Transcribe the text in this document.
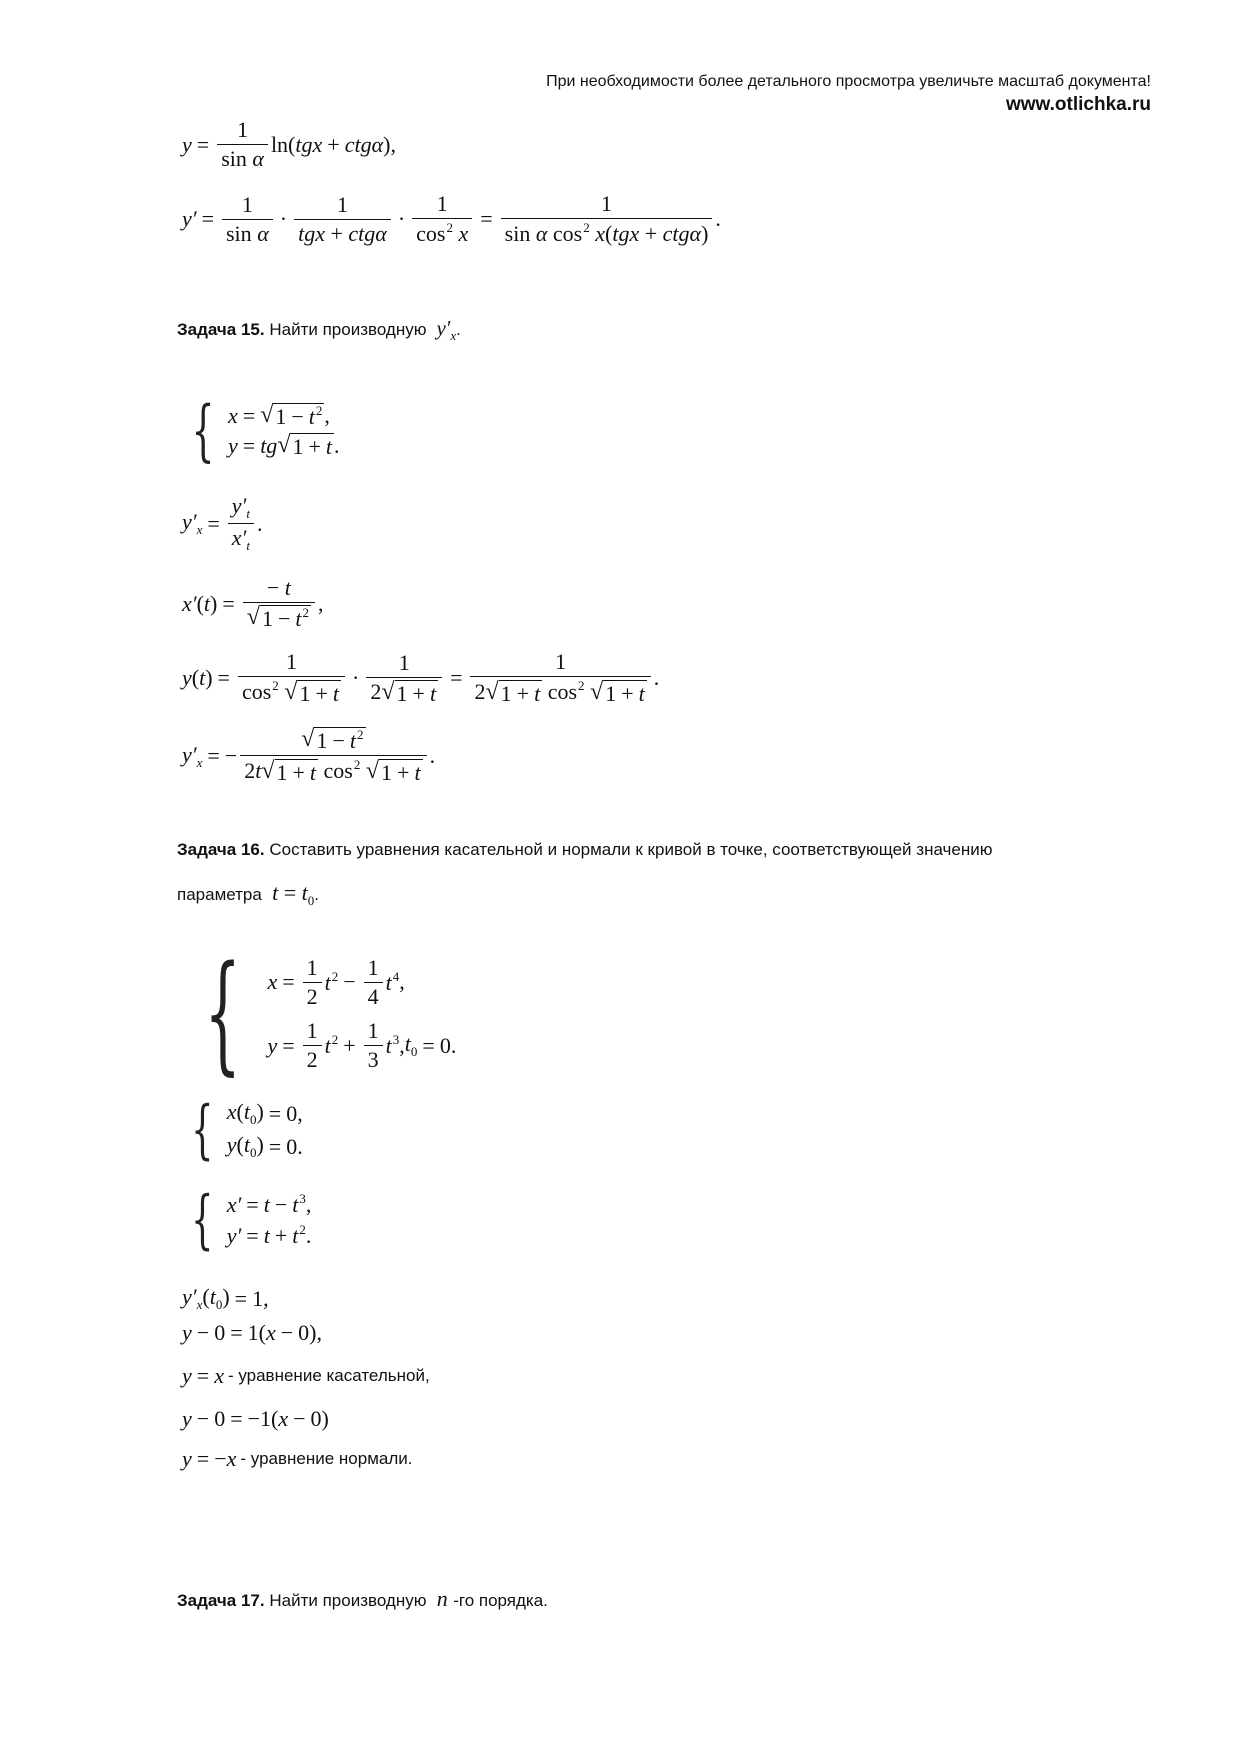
При необходимости более детального просмотра увеличьте масштаб документа!
www.otlichka.ru
$y = \frac{1}{\text{sin α}} \ln$( tgx + ctgα ),
$y' = \frac{1}{\text{sin α}} \cdot \frac{1}{\text{tgx + ctgα}} \cdot \frac{1}{\cos^2 x} = \frac{1}{\sin \alpha \cos^2 x(tgx + ctg\alpha)}$ .
Задача 15. Найти производную  $y'_x$.
{ x = √ $1 - t^2$ ,
y = tg √ 1 + t .
$y'_x = \frac{y'_t}{x'_t}$ .
$x'(t) = \frac{- t}{√ 1 - t^2}$ ,
$y(t) = \frac{1}{\cos^2 √ 1 + t} \cdot \frac{1}{2 √ 1 + t} = \frac{1}{2 √ 1 + t \cos^2 √ 1 + t}$ .
$y'_x$ = − $\frac{√ 1 - t^2}{2t √ 1 + t \cos^2 √ 1 + t}$ .
Задача 16. Составить уравнения касательной и нормали к кривой в точке, соответствующей значению
параметра  $t = t_0$.
{ $x = \frac{1}{2} t^2 - \frac{1}{4} t^4$ ,
$y = \frac{1}{2} t^2 + \frac{1}{3} t^3$ , $t_0 = 0$.
{ $x(t_0) = 0$,
$y(t_0) = 0$.
{ $x' = t - t^3$ ,
$y' = t + t^2$ .
$y'_x(t_0) = 1$,
y − 0 = 1( x − 0),
y = x - уравнение касательной,
y − 0 = −1( x − 0)
y = − x - уравнение нормали.
Задача 17. Найти производную  n -го порядка.
